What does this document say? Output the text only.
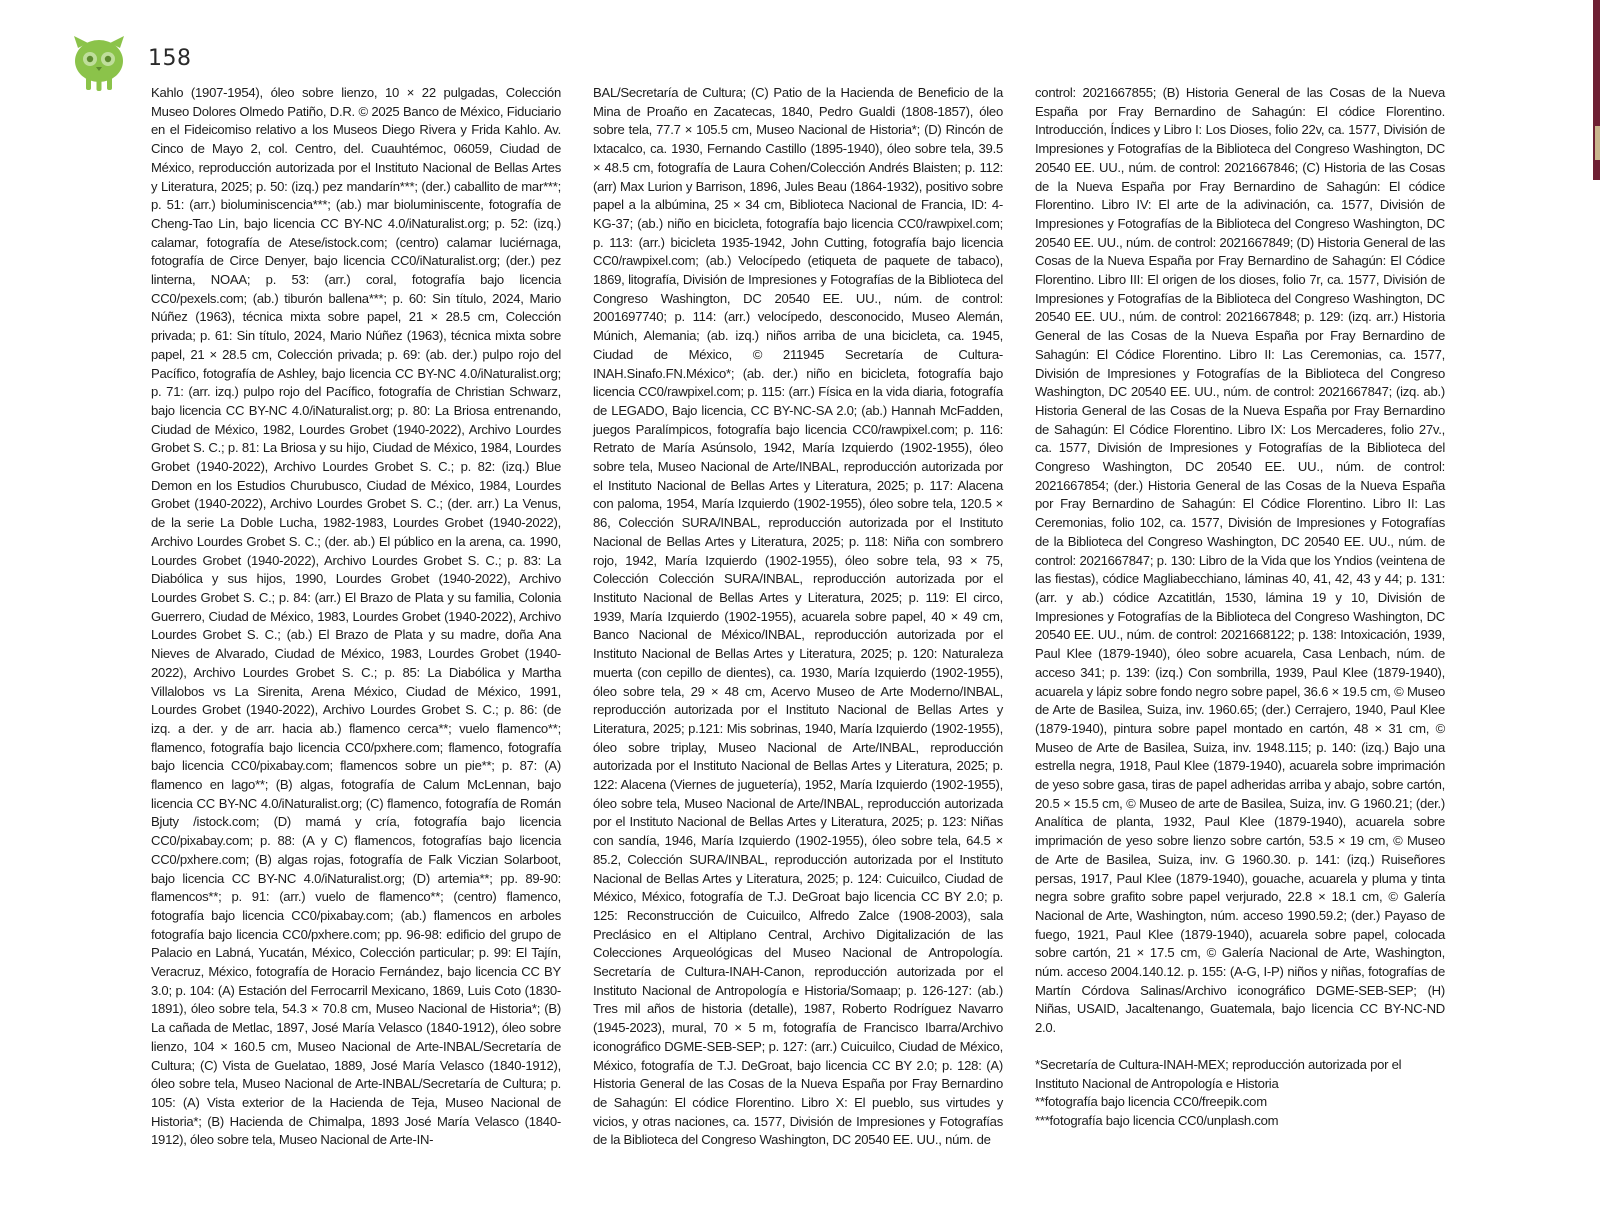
158
Kahlo (1907-1954), óleo sobre lienzo, 10 × 22 pulgadas, Colección Museo Dolores Olmedo Patiño, D.R. © 2025 Banco de México, Fiduciario en el Fideicomiso relativo a los Museos Diego Rivera y Frida Kahlo. Av. Cinco de Mayo 2, col. Centro, del. Cuauhtémoc, 06059, Ciudad de México, reproducción autorizada por el Instituto Nacional de Bellas Artes y Literatura, 2025; p. 50: (izq.) pez mandarín***; (der.) caballito de mar***; p. 51: (arr.) bioluminiscencia***; (ab.) mar bioluminiscente, fotografía de Cheng-Tao Lin, bajo licencia CC BY-NC 4.0/iNaturalist.org; p. 52: (izq.) calamar, fotografía de Atese/istock.com; (centro) calamar luciérnaga, fotografía de Circe Denyer, bajo licencia CC0/iNaturalist.org; (der.) pez linterna, NOAA; p. 53: (arr.) coral, fotografía bajo licencia CC0/pexels.com; (ab.) tiburón ballena***; p. 60: Sin título, 2024, Mario Núñez (1963), técnica mixta sobre papel, 21 × 28.5 cm, Colección privada; p. 61: Sin título, 2024, Mario Núñez (1963), técnica mixta sobre papel, 21 × 28.5 cm, Colección privada; p. 69: (ab. der.) pulpo rojo del Pacífico, fotografía de Ashley, bajo licencia CC BY-NC 4.0/iNaturalist.org; p. 71: (arr. izq.) pulpo rojo del Pacífico, fotografía de Christian Schwarz, bajo licencia CC BY-NC 4.0/iNaturalist.org; p. 80: La Briosa entrenando, Ciudad de México, 1982, Lourdes Grobet (1940-2022), Archivo Lourdes Grobet S. C.; p. 81: La Briosa y su hijo, Ciudad de México, 1984, Lourdes Grobet (1940-2022), Archivo Lourdes Grobet S. C.; p. 82: (izq.) Blue Demon en los Estudios Churubusco, Ciudad de México, 1984, Lourdes Grobet (1940-2022), Archivo Lourdes Grobet S. C.; (der. arr.) La Venus, de la serie La Doble Lucha, 1982-1983, Lourdes Grobet (1940-2022), Archivo Lourdes Grobet S. C.; (der. ab.) El público en la arena, ca. 1990, Lourdes Grobet (1940-2022), Archivo Lourdes Grobet S. C.; p. 83: La Diabólica y sus hijos, 1990, Lourdes Grobet (1940-2022), Archivo Lourdes Grobet S. C.; p. 84: (arr.) El Brazo de Plata y su familia, Colonia Guerrero, Ciudad de México, 1983, Lourdes Grobet (1940-2022), Archivo Lourdes Grobet S. C.; (ab.) El Brazo de Plata y su madre, doña Ana Nieves de Alvarado, Ciudad de México, 1983, Lourdes Grobet (1940-2022), Archivo Lourdes Grobet S. C.; p. 85: La Diabólica y Martha Villalobos vs La Sirenita, Arena México, Ciudad de México, 1991, Lourdes Grobet (1940-2022), Archivo Lourdes Grobet S. C.; p. 86: (de izq. a der. y de arr. hacia ab.) flamenco cerca**; vuelo flamenco**; flamenco, fotografía bajo licencia CC0/pxhere.com; flamenco, fotografía bajo licencia CC0/pixabay.com; flamencos sobre un pie**; p. 87: (A) flamenco en lago**; (B) algas, fotografía de Calum McLennan, bajo licencia CC BY-NC 4.0/iNaturalist.org; (C) flamenco, fotografía de Román Bjuty /istock.com; (D) mamá y cría, fotografía bajo licencia CC0/pixabay.com; p. 88: (A y C) flamencos, fotografías bajo licencia CC0/pxhere.com; (B) algas rojas, fotografía de Falk Viczian Solarboot, bajo licencia CC BY-NC 4.0/iNaturalist.org; (D) artemia**; pp. 89-90: flamencos**; p. 91: (arr.) vuelo de flamenco**; (centro) flamenco, fotografía bajo licencia CC0/pixabay.com; (ab.) flamencos en arboles fotografía bajo licencia CC0/pxhere.com; pp. 96-98: edificio del grupo de Palacio en Labná, Yucatán, México, Colección particular; p. 99: El Tajín, Veracruz, México, fotografía de Horacio Fernández, bajo licencia CC BY 3.0; p. 104: (A) Estación del Ferrocarril Mexicano, 1869, Luis Coto (1830-1891), óleo sobre tela, 54.3 × 70.8 cm, Museo Nacional de Historia*; (B) La cañada de Metlac, 1897, José María Velasco (1840-1912), óleo sobre lienzo, 104 × 160.5 cm, Museo Nacional de Arte-INBAL/Secretaría de Cultura; (C) Vista de Guelatao, 1889, José María Velasco (1840-1912), óleo sobre tela, Museo Nacional de Arte-INBAL/Secretaría de Cultura; p. 105: (A) Vista exterior de la Hacienda de Teja, Museo Nacional de Historia*; (B) Hacienda de Chimalpa, 1893 José María Velasco (1840-1912), óleo sobre tela, Museo Nacional de Arte-IN-
BAL/Secretaría de Cultura; (C) Patio de la Hacienda de Beneficio de la Mina de Proaño en Zacatecas, 1840, Pedro Gualdi (1808-1857), óleo sobre tela, 77.7 × 105.5 cm, Museo Nacional de Historia*; (D) Rincón de Ixtacalco, ca. 1930, Fernando Castillo (1895-1940), óleo sobre tela, 39.5 × 48.5 cm, fotografía de Laura Cohen/Colección Andrés Blaisten; p. 112: (arr) Max Lurion y Barrison, 1896, Jules Beau (1864-1932), positivo sobre papel a la albúmina, 25 × 34 cm, Biblioteca Nacional de Francia, ID: 4-KG-37; (ab.) niño en bicicleta, fotografía bajo licencia CC0/rawpixel.com; p. 113: (arr.) bicicleta 1935-1942, John Cutting, fotografía bajo licencia CC0/rawpixel.com; (ab.) Velocípedo (etiqueta de paquete de tabaco), 1869, litografía, División de Impresiones y Fotografías de la Biblioteca del Congreso Washington, DC 20540 EE. UU., núm. de control: 2001697740; p. 114: (arr.) velocípedo, desconocido, Museo Alemán, Múnich, Alemania; (ab. izq.) niños arriba de una bicicleta, ca. 1945, Ciudad de México, © 211945 Secretaría de Cultura-INAH.Sinafo.FN.México*; (ab. der.) niño en bicicleta, fotografía bajo licencia CC0/rawpixel.com; p. 115: (arr.) Física en la vida diaria, fotografía de LEGADO, Bajo licencia, CC BY-NC-SA 2.0; (ab.) Hannah McFadden, juegos Paralímpicos, fotografía bajo licencia CC0/rawpixel.com; p. 116: Retrato de María Asúnsolo, 1942, María Izquierdo (1902-1955), óleo sobre tela, Museo Nacional de Arte/INBAL, reproducción autorizada por el Instituto Nacional de Bellas Artes y Literatura, 2025; p. 117: Alacena con paloma, 1954, María Izquierdo (1902-1955), óleo sobre tela, 120.5 × 86, Colección SURA/INBAL, reproducción autorizada por el Instituto Nacional de Bellas Artes y Literatura, 2025; p. 118: Niña con sombrero rojo, 1942, María Izquierdo (1902-1955), óleo sobre tela, 93 × 75, Colección Colección SURA/INBAL, reproducción autorizada por el Instituto Nacional de Bellas Artes y Literatura, 2025; p. 119: El circo, 1939, María Izquierdo (1902-1955), acuarela sobre papel, 40 × 49 cm, Banco Nacional de México/INBAL, reproducción autorizada por el Instituto Nacional de Bellas Artes y Literatura, 2025; p. 120: Naturaleza muerta (con cepillo de dientes), ca. 1930, María Izquierdo (1902-1955), óleo sobre tela, 29 × 48 cm, Acervo Museo de Arte Moderno/INBAL, reproducción autorizada por el Instituto Nacional de Bellas Artes y Literatura, 2025; p.121: Mis sobrinas, 1940, María Izquierdo (1902-1955), óleo sobre triplay, Museo Nacional de Arte/INBAL, reproducción autorizada por el Instituto Nacional de Bellas Artes y Literatura, 2025; p. 122: Alacena (Viernes de juguetería), 1952, María Izquierdo (1902-1955), óleo sobre tela, Museo Nacional de Arte/INBAL, reproducción autorizada por el Instituto Nacional de Bellas Artes y Literatura, 2025; p. 123: Niñas con sandía, 1946, María Izquierdo (1902-1955), óleo sobre tela, 64.5 × 85.2, Colección SURA/INBAL, reproducción autorizada por el Instituto Nacional de Bellas Artes y Literatura, 2025; p. 124: Cuicuilco, Ciudad de México, México, fotografía de T.J. DeGroat bajo licencia CC BY 2.0; p. 125: Reconstrucción de Cuicuilco, Alfredo Zalce (1908-2003), sala Preclásico en el Altiplano Central, Archivo Digitalización de las Colecciones Arqueológicas del Museo Nacional de Antropología. Secretaría de Cultura-INAH-Canon, reproducción autorizada por el Instituto Nacional de Antropología e Historia/Somaap; p. 126-127: (ab.) Tres mil años de historia (detalle), 1987, Roberto Rodríguez Navarro (1945-2023), mural, 70 × 5 m, fotografía de Francisco Ibarra/Archivo iconográfico DGME-SEB-SEP; p. 127: (arr.) Cuicuilco, Ciudad de México, México, fotografía de T.J. DeGroat, bajo licencia CC BY 2.0; p. 128: (A) Historia General de las Cosas de la Nueva España por Fray Bernardino de Sahagún: El códice Florentino. Libro X: El pueblo, sus virtudes y vicios, y otras naciones, ca. 1577, División de Impresiones y Fotografías de la Biblioteca del Congreso Washington, DC 20540 EE. UU., núm. de
control: 2021667855; (B) Historia General de las Cosas de la Nueva España por Fray Bernardino de Sahagún: El códice Florentino. Introducción, Índices y Libro I: Los Dioses, folio 22v, ca. 1577, División de Impresiones y Fotografías de la Biblioteca del Congreso Washington, DC 20540 EE. UU., núm. de control: 2021667846; (C) Historia de las Cosas de la Nueva España por Fray Bernardino de Sahagún: El códice Florentino. Libro IV: El arte de la adivinación, ca. 1577, División de Impresiones y Fotografías de la Biblioteca del Congreso Washington, DC 20540 EE. UU., núm. de control: 2021667849; (D) Historia General de las Cosas de la Nueva España por Fray Bernardino de Sahagún: El Códice Florentino. Libro III: El origen de los dioses, folio 7r, ca. 1577, División de Impresiones y Fotografías de la Biblioteca del Congreso Washington, DC 20540 EE. UU., núm. de control: 2021667848; p. 129: (izq. arr.) Historia General de las Cosas de la Nueva España por Fray Bernardino de Sahagún: El Códice Florentino. Libro II: Las Ceremonias, ca. 1577, División de Impresiones y Fotografías de la Biblioteca del Congreso Washington, DC 20540 EE. UU., núm. de control: 2021667847; (izq. ab.) Historia General de las Cosas de la Nueva España por Fray Bernardino de Sahagún: El Códice Florentino. Libro IX: Los Mercaderes, folio 27v., ca. 1577, División de Impresiones y Fotografías de la Biblioteca del Congreso Washington, DC 20540 EE. UU., núm. de control: 2021667854; (der.) Historia General de las Cosas de la Nueva España por Fray Bernardino de Sahagún: El Códice Florentino. Libro II: Las Ceremonias, folio 102, ca. 1577, División de Impresiones y Fotografías de la Biblioteca del Congreso Washington, DC 20540 EE. UU., núm. de control: 2021667847; p. 130: Libro de la Vida que los Yndios (veintena de las fiestas), códice Magliabecchiano, láminas 40, 41, 42, 43 y 44; p. 131: (arr. y ab.) códice Azcatitlán, 1530, lámina 19 y 10, División de Impresiones y Fotografías de la Biblioteca del Congreso Washington, DC 20540 EE. UU., núm. de control: 2021668122; p. 138: Intoxicación, 1939, Paul Klee (1879-1940), óleo sobre acuarela, Casa Lenbach, núm. de acceso 341; p. 139: (izq.) Con sombrilla, 1939, Paul Klee (1879-1940), acuarela y lápiz sobre fondo negro sobre papel, 36.6 × 19.5 cm, © Museo de Arte de Basilea, Suiza, inv. 1960.65; (der.) Cerrajero, 1940, Paul Klee (1879-1940), pintura sobre papel montado en cartón, 48 × 31 cm, © Museo de Arte de Basilea, Suiza, inv. 1948.115; p. 140: (izq.) Bajo una estrella negra, 1918, Paul Klee (1879-1940), acuarela sobre imprimación de yeso sobre gasa, tiras de papel adheridas arriba y abajo, sobre cartón, 20.5 × 15.5 cm, © Museo de arte de Basilea, Suiza, inv. G 1960.21; (der.) Analítica de planta, 1932, Paul Klee (1879-1940), acuarela sobre imprimación de yeso sobre lienzo sobre cartón, 53.5 × 19 cm, © Museo de Arte de Basilea, Suiza, inv. G 1960.30. p. 141: (izq.) Ruiseñores persas, 1917, Paul Klee (1879-1940), gouache, acuarela y pluma y tinta negra sobre grafito sobre papel verjurado, 22.8 × 18.1 cm, © Galería Nacional de Arte, Washington, núm. acceso 1990.59.2; (der.) Payaso de fuego, 1921, Paul Klee (1879-1940), acuarela sobre papel, colocada sobre cartón, 21 × 17.5 cm, © Galería Nacional de Arte, Washington, núm. acceso 2004.140.12. p. 155: (A-G, I-P) niños y niñas, fotografías de Martín Córdova Salinas/Archivo iconográfico DGME-SEB-SEP; (H) Niñas, USAID, Jacaltenango, Guatemala, bajo licencia CC BY-NC-ND 2.0.

*Secretaría de Cultura-INAH-MEX; reproducción autorizada por el Instituto Nacional de Antropología e Historia

**fotografía bajo licencia CC0/freepik.com

***fotografía bajo licencia CC0/unplash.com
